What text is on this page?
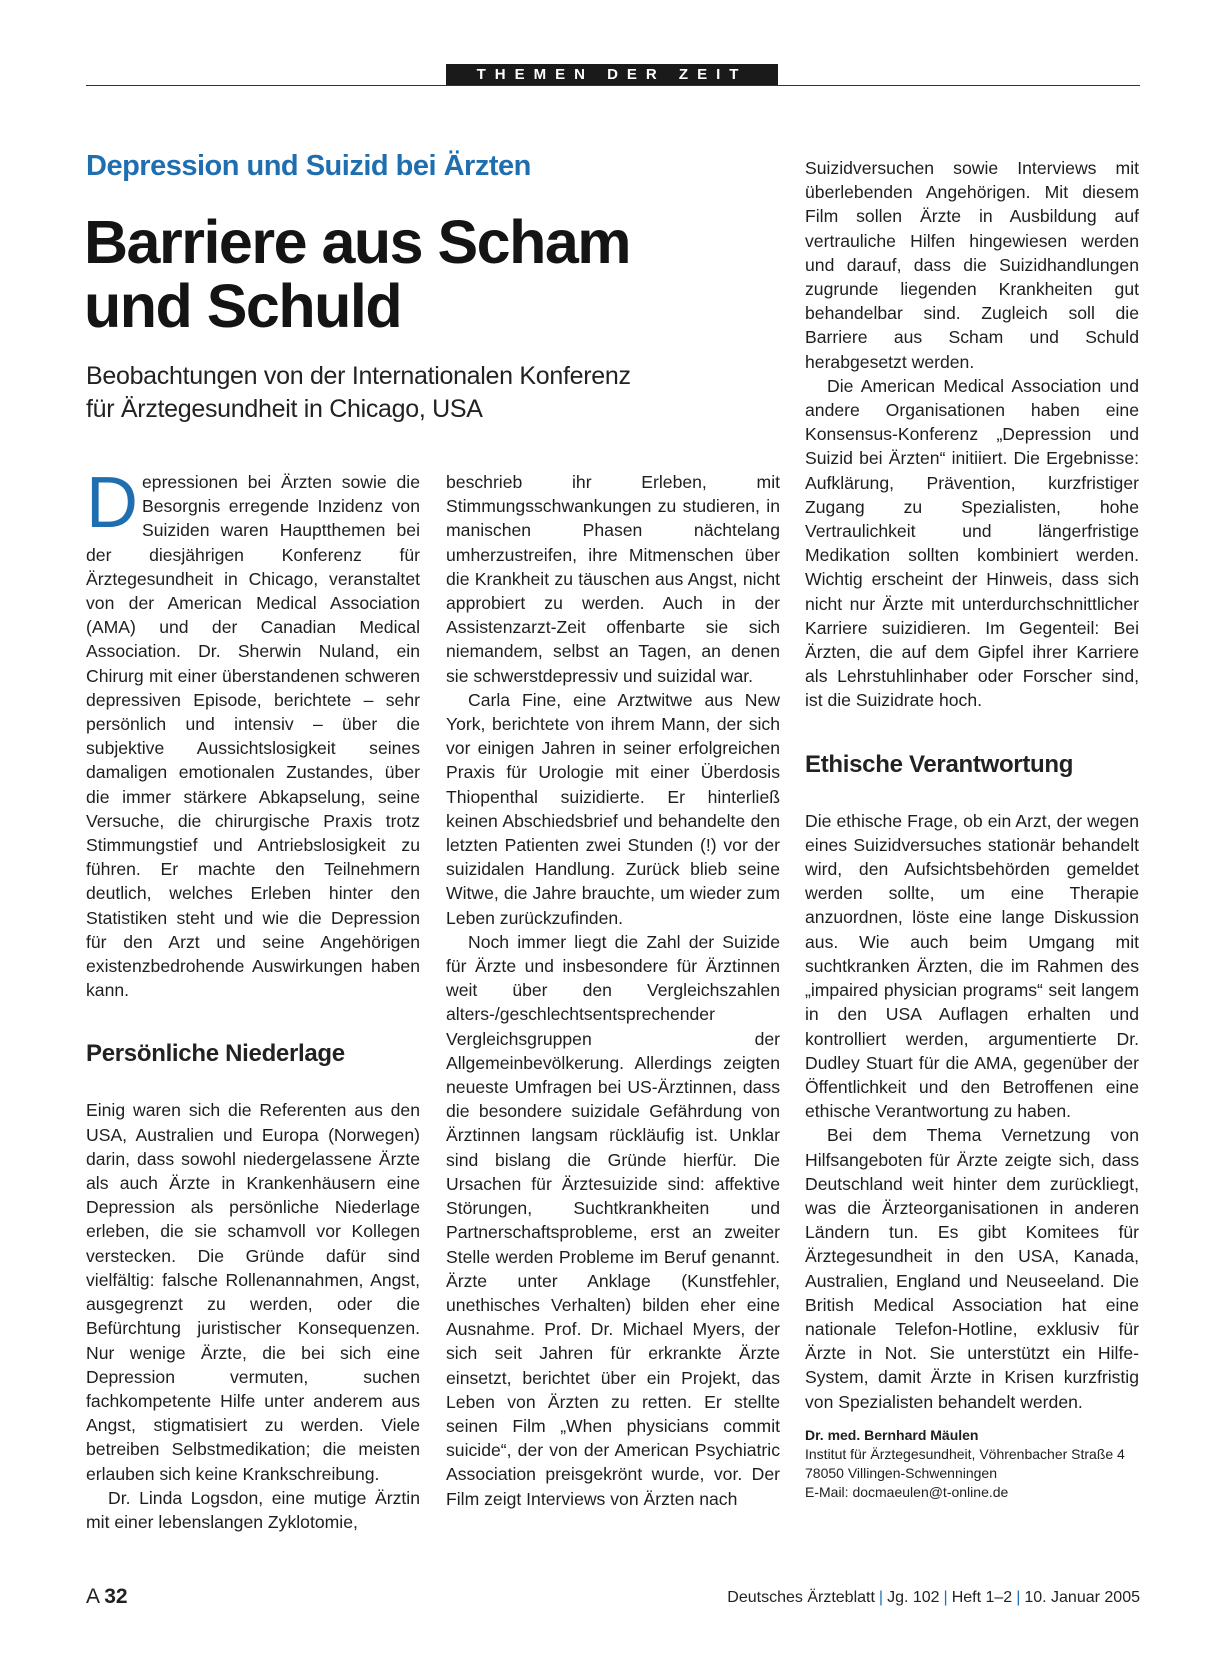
THEMEN DER ZEIT
Depression und Suizid bei Ärzten
Barriere aus Scham
und Schuld
Beobachtungen von der Internationalen Konferenz
für Ärztegesundheit in Chicago, USA

Depressionen bei Ärzten sowie die Besorgnis erregende Inzidenz von Suiziden waren Hauptthemen bei der diesjährigen Konferenz für Ärztegesundheit in Chicago, veranstaltet von der American Medical Association (AMA) und der Canadian Medical Association. Dr. Sherwin Nuland, ein Chirurg mit einer überstandenen schweren depressiven Episode, berichtete – sehr persönlich und intensiv – über die subjektive Aussichtslosigkeit seines damaligen emotionalen Zustandes, über die immer stärkere Abkapselung, seine Versuche, die chirurgische Praxis trotz Stimmungstief und Antriebslosigkeit zu führen. Er machte den Teilnehmern deutlich, welches Erleben hinter den Statistiken steht und wie die Depression für den Arzt und seine Angehörigen existenzbedrohende Auswirkungen haben kann.

Persönliche Niederlage

Einig waren sich die Referenten aus den USA, Australien und Europa (Norwegen) darin, dass sowohl niedergelassene Ärzte als auch Ärzte in Krankenhäusern eine Depression als persönliche Niederlage erleben, die sie schamvoll vor Kollegen verstecken. Die Gründe dafür sind vielfältig: falsche Rollenannahmen, Angst, ausgegrenzt zu werden, oder die Befürchtung juristischer Konsequenzen. Nur wenige Ärzte, die bei sich eine Depression vermuten, suchen fachkompetente Hilfe unter anderem aus Angst, stigmatisiert zu werden. Viele betreiben Selbstmedikation; die meisten erlauben sich keine Krankschreibung.

Dr. Linda Logsdon, eine mutige Ärztin mit einer lebenslangen Zyklotomie,

beschrieb ihr Erleben, mit Stimmungsschwankungen zu studieren, in manischen Phasen nächtelang umherzustreifen, ihre Mitmenschen über die Krankheit zu täuschen aus Angst, nicht approbiert zu werden. Auch in der Assistenzarzt-Zeit offenbarte sie sich niemandem, selbst an Tagen, an denen sie schwerstdepressiv und suizidal war.

Carla Fine, eine Arztwitwe aus New York, berichtete von ihrem Mann, der sich vor einigen Jahren in seiner erfolgreichen Praxis für Urologie mit einer Überdosis Thiopenthal suizidierte. Er hinterließ keinen Abschiedsbrief und behandelte den letzten Patienten zwei Stunden (!) vor der suizidalen Handlung. Zurück blieb seine Witwe, die Jahre brauchte, um wieder zum Leben zurückzufinden.

Noch immer liegt die Zahl der Suizide für Ärzte und insbesondere für Ärztinnen weit über den Vergleichszahlen alters-/geschlechtsentsprechender Vergleichsgruppen der Allgemeinbevölkerung. Allerdings zeigten neueste Umfragen bei US-Ärztinnen, dass die besondere suizidale Gefährdung von Ärztinnen langsam rückläufig ist. Unklar sind bislang die Gründe hierfür. Die Ursachen für Ärztesuizide sind: affektive Störungen, Suchtkrankheiten und Partnerschaftsprobleme, erst an zweiter Stelle werden Probleme im Beruf genannt. Ärzte unter Anklage (Kunstfehler, unethisches Verhalten) bilden eher eine Ausnahme. Prof. Dr. Michael Myers, der sich seit Jahren für erkrankte Ärzte einsetzt, berichtet über ein Projekt, das Leben von Ärzten zu retten. Er stellte seinen Film „When physicians commit suicide“, der von der American Psychiatric Association preisgekrönt wurde, vor. Der Film zeigt Interviews von Ärzten nach

Suizidversuchen sowie Interviews mit überlebenden Angehörigen. Mit diesem Film sollen Ärzte in Ausbildung auf vertrauliche Hilfen hingewiesen werden und darauf, dass die Suizidhandlungen zugrunde liegenden Krankheiten gut behandelbar sind. Zugleich soll die Barriere aus Scham und Schuld herabgesetzt werden.

Die American Medical Association und andere Organisationen haben eine Konsensus-Konferenz „Depression und Suizid bei Ärzten“ initiiert. Die Ergebnisse: Aufklärung, Prävention, kurzfristiger Zugang zu Spezialisten, hohe Vertraulichkeit und längerfristige Medikation sollten kombiniert werden. Wichtig erscheint der Hinweis, dass sich nicht nur Ärzte mit unterdurchschnittlicher Karriere suizidieren. Im Gegenteil: Bei Ärzten, die auf dem Gipfel ihrer Karriere als Lehrstuhlinhaber oder Forscher sind, ist die Suizidrate hoch.

Ethische Verantwortung

Die ethische Frage, ob ein Arzt, der wegen eines Suizidversuches stationär behandelt wird, den Aufsichtsbehörden gemeldet werden sollte, um eine Therapie anzuordnen, löste eine lange Diskussion aus. Wie auch beim Umgang mit suchtkranken Ärzten, die im Rahmen des „impaired physician programs“ seit langem in den USA Auflagen erhalten und kontrolliert werden, argumentierte Dr. Dudley Stuart für die AMA, gegenüber der Öffentlichkeit und den Betroffenen eine ethische Verantwortung zu haben.

Bei dem Thema Vernetzung von Hilfsangeboten für Ärzte zeigte sich, dass Deutschland weit hinter dem zurückliegt, was die Ärzteorganisationen in anderen Ländern tun. Es gibt Komitees für Ärztegesundheit in den USA, Kanada, Australien, England und Neuseeland. Die British Medical Association hat eine nationale Telefon-Hotline, exklusiv für Ärzte in Not. Sie unterstützt ein Hilfe-System, damit Ärzte in Krisen kurzfristig von Spezialisten behandelt werden.

Dr. med. Bernhard Mäulen
Institut für Ärztegesundheit, Vöhrenbacher Straße 4
78050 Villingen-Schwenningen
E-Mail: docmaeulen@t-online.de
A  32	Deutsches Ärzteblatt | Jg. 102 | Heft 1–2 | 10. Januar 2005
